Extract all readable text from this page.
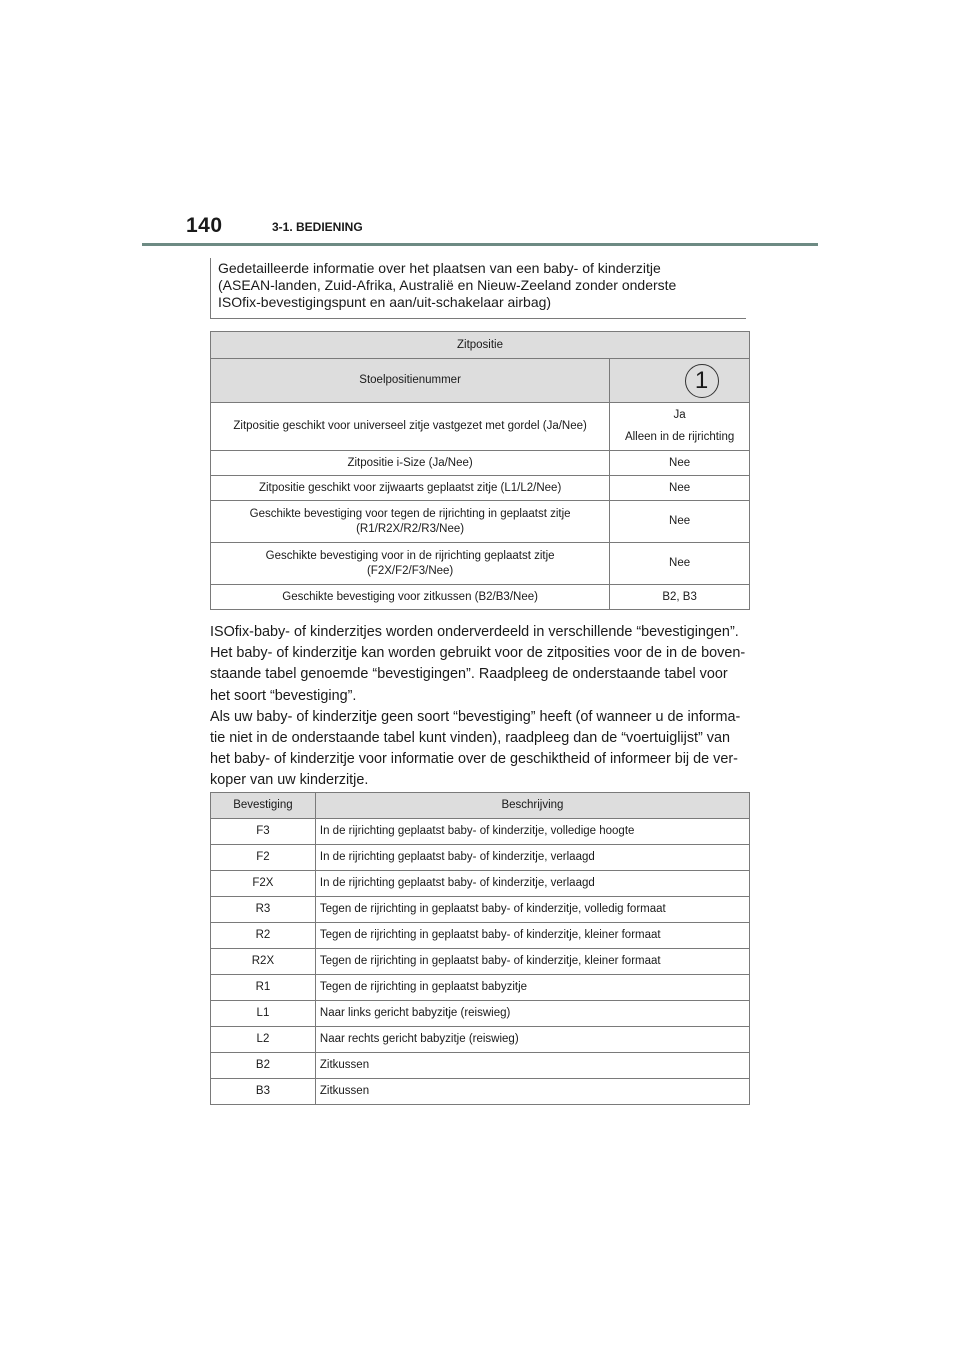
140	3-1. BEDIENING
Gedetailleerde informatie over het plaatsen van een baby- of kinderzitje
(ASEAN-landen, Zuid-Afrika, Australië en Nieuw-Zeeland zonder onderste
ISOfix-bevestigingspunt en aan/uit-schakelaar airbag)
Zitpositie	
Stoelpositienummer	1
Zitpositie geschikt voor universeel zitje vastgezet met gordel (Ja/Nee)	Ja
Alleen in de rijrichting

Zitpositie i-Size (Ja/Nee)	Nee
Zitpositie geschikt voor zijwaarts geplaatst zitje (L1/L2/Nee)	Nee

Geschikte bevestiging voor tegen de rijrichting in geplaatst zitje
(R1/R2X/R2/R3/Nee)	Nee

Geschikte bevestiging voor in de rijrichting geplaatst zitje
(F2X/F2/F3/Nee)	Nee
Geschikte bevestiging voor zitkussen (B2/B3/Nee)	B2, B3

ISOfix-baby- of kinderzitjes worden onderverdeeld in verschillende “bevestigingen”.

Het baby- of kinderzitje kan worden gebruikt voor de zitposities voor de in de boven-

staande tabel genoemde “bevestigingen”. Raadpleeg de onderstaande tabel voor

het soort “bevestiging”.

Als uw baby- of kinderzitje geen soort “bevestiging” heeft (of wanneer u de informa-

tie niet in de onderstaande tabel kunt vinden), raadpleeg dan de “voertuiglijst” van

het baby- of kinderzitje voor informatie over de geschiktheid of informeer bij de ver-

koper van uw kinderzitje.

Bevestiging	Beschrijving
F3	In de rijrichting geplaatst baby- of kinderzitje, volledige hoogte
F2	In de rijrichting geplaatst baby- of kinderzitje, verlaagd
F2X	In de rijrichting geplaatst baby- of kinderzitje, verlaagd
R3	Tegen de rijrichting in geplaatst baby- of kinderzitje, volledig formaat
R2	Tegen de rijrichting in geplaatst baby- of kinderzitje, kleiner formaat
R2X	Tegen de rijrichting in geplaatst baby- of kinderzitje, kleiner formaat
R1	Tegen de rijrichting in geplaatst babyzitje
L1	Naar links gericht babyzitje (reiswieg)
L2	Naar rechts gericht babyzitje (reiswieg)
B2	Zitkussen
B3	Zitkussen
